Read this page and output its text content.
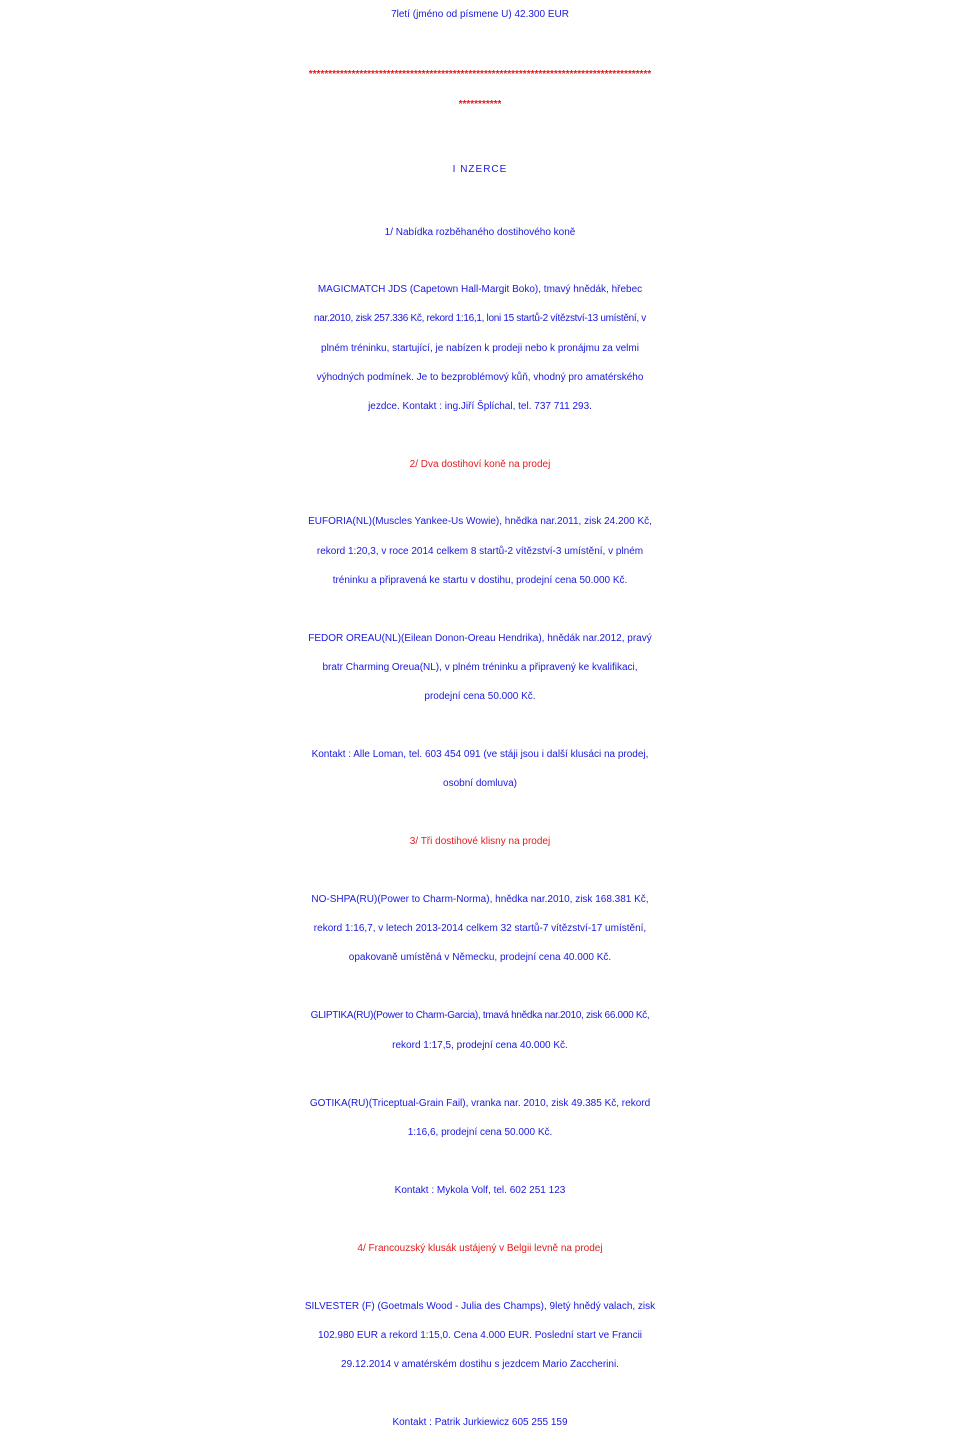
7letí (jméno od písmene U) 42.300 EUR

****************************************************************************************

***********

I NZERCE

1/ Nabídka rozběhaného dostihového koně

MAGICMATCH JDS (Capetown Hall-Margit Boko), tmavý hnědák, hřebec

nar.2010, zisk 257.336 Kč, rekord 1:16,1, loni 15 startů-2 vítězství-13 umístění, v

plném tréninku, startující, je nabízen k prodeji nebo k pronájmu za velmi

výhodných podmínek. Je to bezproblémový kůň, vhodný pro amatérského

jezdce. Kontakt : ing.Jiří Šplíchal, tel. 737 711 293.

2/ Dva dostihoví koně na prodej

EUFORIA(NL)(Muscles Yankee-Us Wowie), hnědka nar.2011, zisk 24.200 Kč,

rekord 1:20,3, v roce 2014 celkem 8 startů-2 vítězství-3 umístění, v plném

tréninku a připravená ke startu v dostihu, prodejní cena 50.000 Kč.

FEDOR OREAU(NL)(Eilean Donon-Oreau Hendrika), hnědák nar.2012, pravý

bratr Charming Oreua(NL), v plném tréninku a připravený ke kvalifikaci,

prodejní cena 50.000 Kč.

Kontakt : Alle Loman, tel. 603 454 091 (ve stáji jsou i další klusáci na prodej,

osobní domluva)

3/ Tři dostihové klisny na prodej

NO-SHPA(RU)(Power to Charm-Norma), hnědka nar.2010, zisk 168.381 Kč,

rekord 1:16,7, v letech 2013-2014 celkem 32 startů-7 vítězství-17 umístění,

opakovaně umístěná v Německu, prodejní cena 40.000 Kč.

GLIPTIKA(RU)(Power to Charm-Garcia), tmavá hnědka nar.2010, zisk 66.000 Kč,

rekord 1:17,5, prodejní cena 40.000 Kč.

GOTIKA(RU)(Triceptual-Grain Fail), vranka nar. 2010, zisk 49.385 Kč, rekord

1:16,6, prodejní cena 50.000 Kč.

Kontakt : Mykola Volf, tel. 602 251 123

4/ Francouzský klusák ustájený v Belgii levně na prodej

SILVESTER (F) (Goetmals Wood - Julia des Champs), 9letý hnědý valach, zisk

102.980 EUR a rekord 1:15,0. Cena 4.000 EUR. Poslední start ve Francii

29.12.2014 v amatérském dostihu s jezdcem Mario Zaccherini.

Kontakt : Patrik Jurkiewicz 605 255 159
